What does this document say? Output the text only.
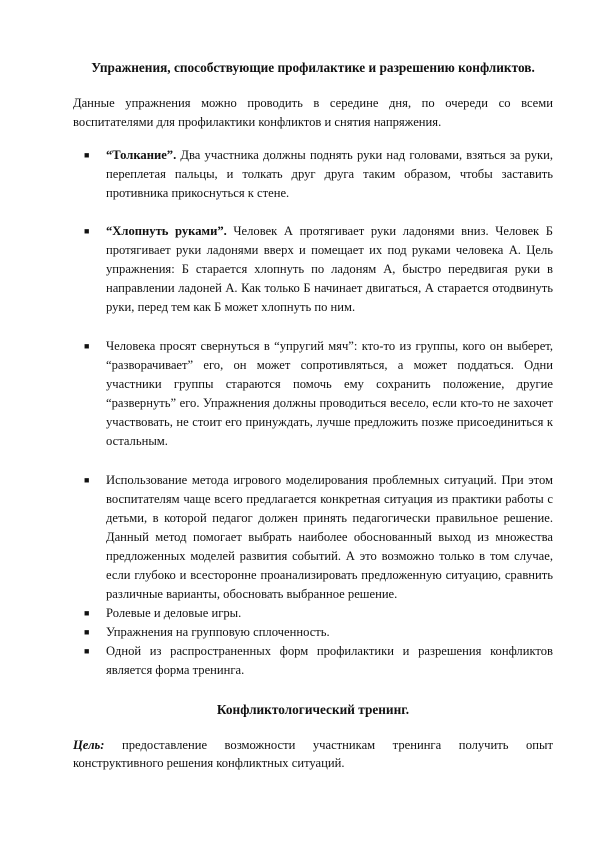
Упражнения, способствующие профилактике и разрешению конфликтов.

Данные упражнения можно проводить в середине дня, по очереди со всеми воспитателями для профилактики конфликтов и снятия напряжения.

■ “Толкание”. Два участника должны поднять руки над головами, взяться за руки, переплетая пальцы, и толкать друг друга таким образом, чтобы заставить противника прикоснуться к стене.
■ “Хлопнуть руками”. Человек А протягивает руки ладонями вниз. Человек Б протягивает руки ладонями вверх и помещает их под руками человека А. Цель упражнения: Б старается хлопнуть по ладоням А, быстро передвигая руки в направлении ладоней А. Как только Б начинает двигаться, А старается отодвинуть руки, перед тем как Б может хлопнуть по ним.
■ Человека просят свернуться в “упругий мяч”: кто-то из группы, кого он выберет, “разворачивает” его, он может сопротивляться, а может поддаться. Одни участники группы стараются помочь ему сохранить положение, другие “развернуть” его. Упражнения должны проводиться весело, если кто-то не захочет участвовать, не стоит его принуждать, лучше предложить позже присоединиться к остальным.
■ Использование метода игрового моделирования проблемных ситуаций. При этом воспитателям чаще всего предлагается конкретная ситуация из практики работы с детьми, в которой педагог должен принять педагогически правильное решение. Данный метод помогает выбрать наиболее обоснованный выход из множества предложенных моделей развития событий. А это возможно только в том случае, если глубоко и всесторонне проанализировать предложенную ситуацию, сравнить различные варианты, обосновать выбранное решение.
■ Ролевые и деловые игры.
■ Упражнения на групповую сплоченность.
■ Одной из распространенных форм профилактики и разрешения конфликтов является форма тренинга.
Конфликтологический тренинг.

Цель: предоставление возможности участникам тренинга получить опыт конструктивного решения конфликтных ситуаций.
